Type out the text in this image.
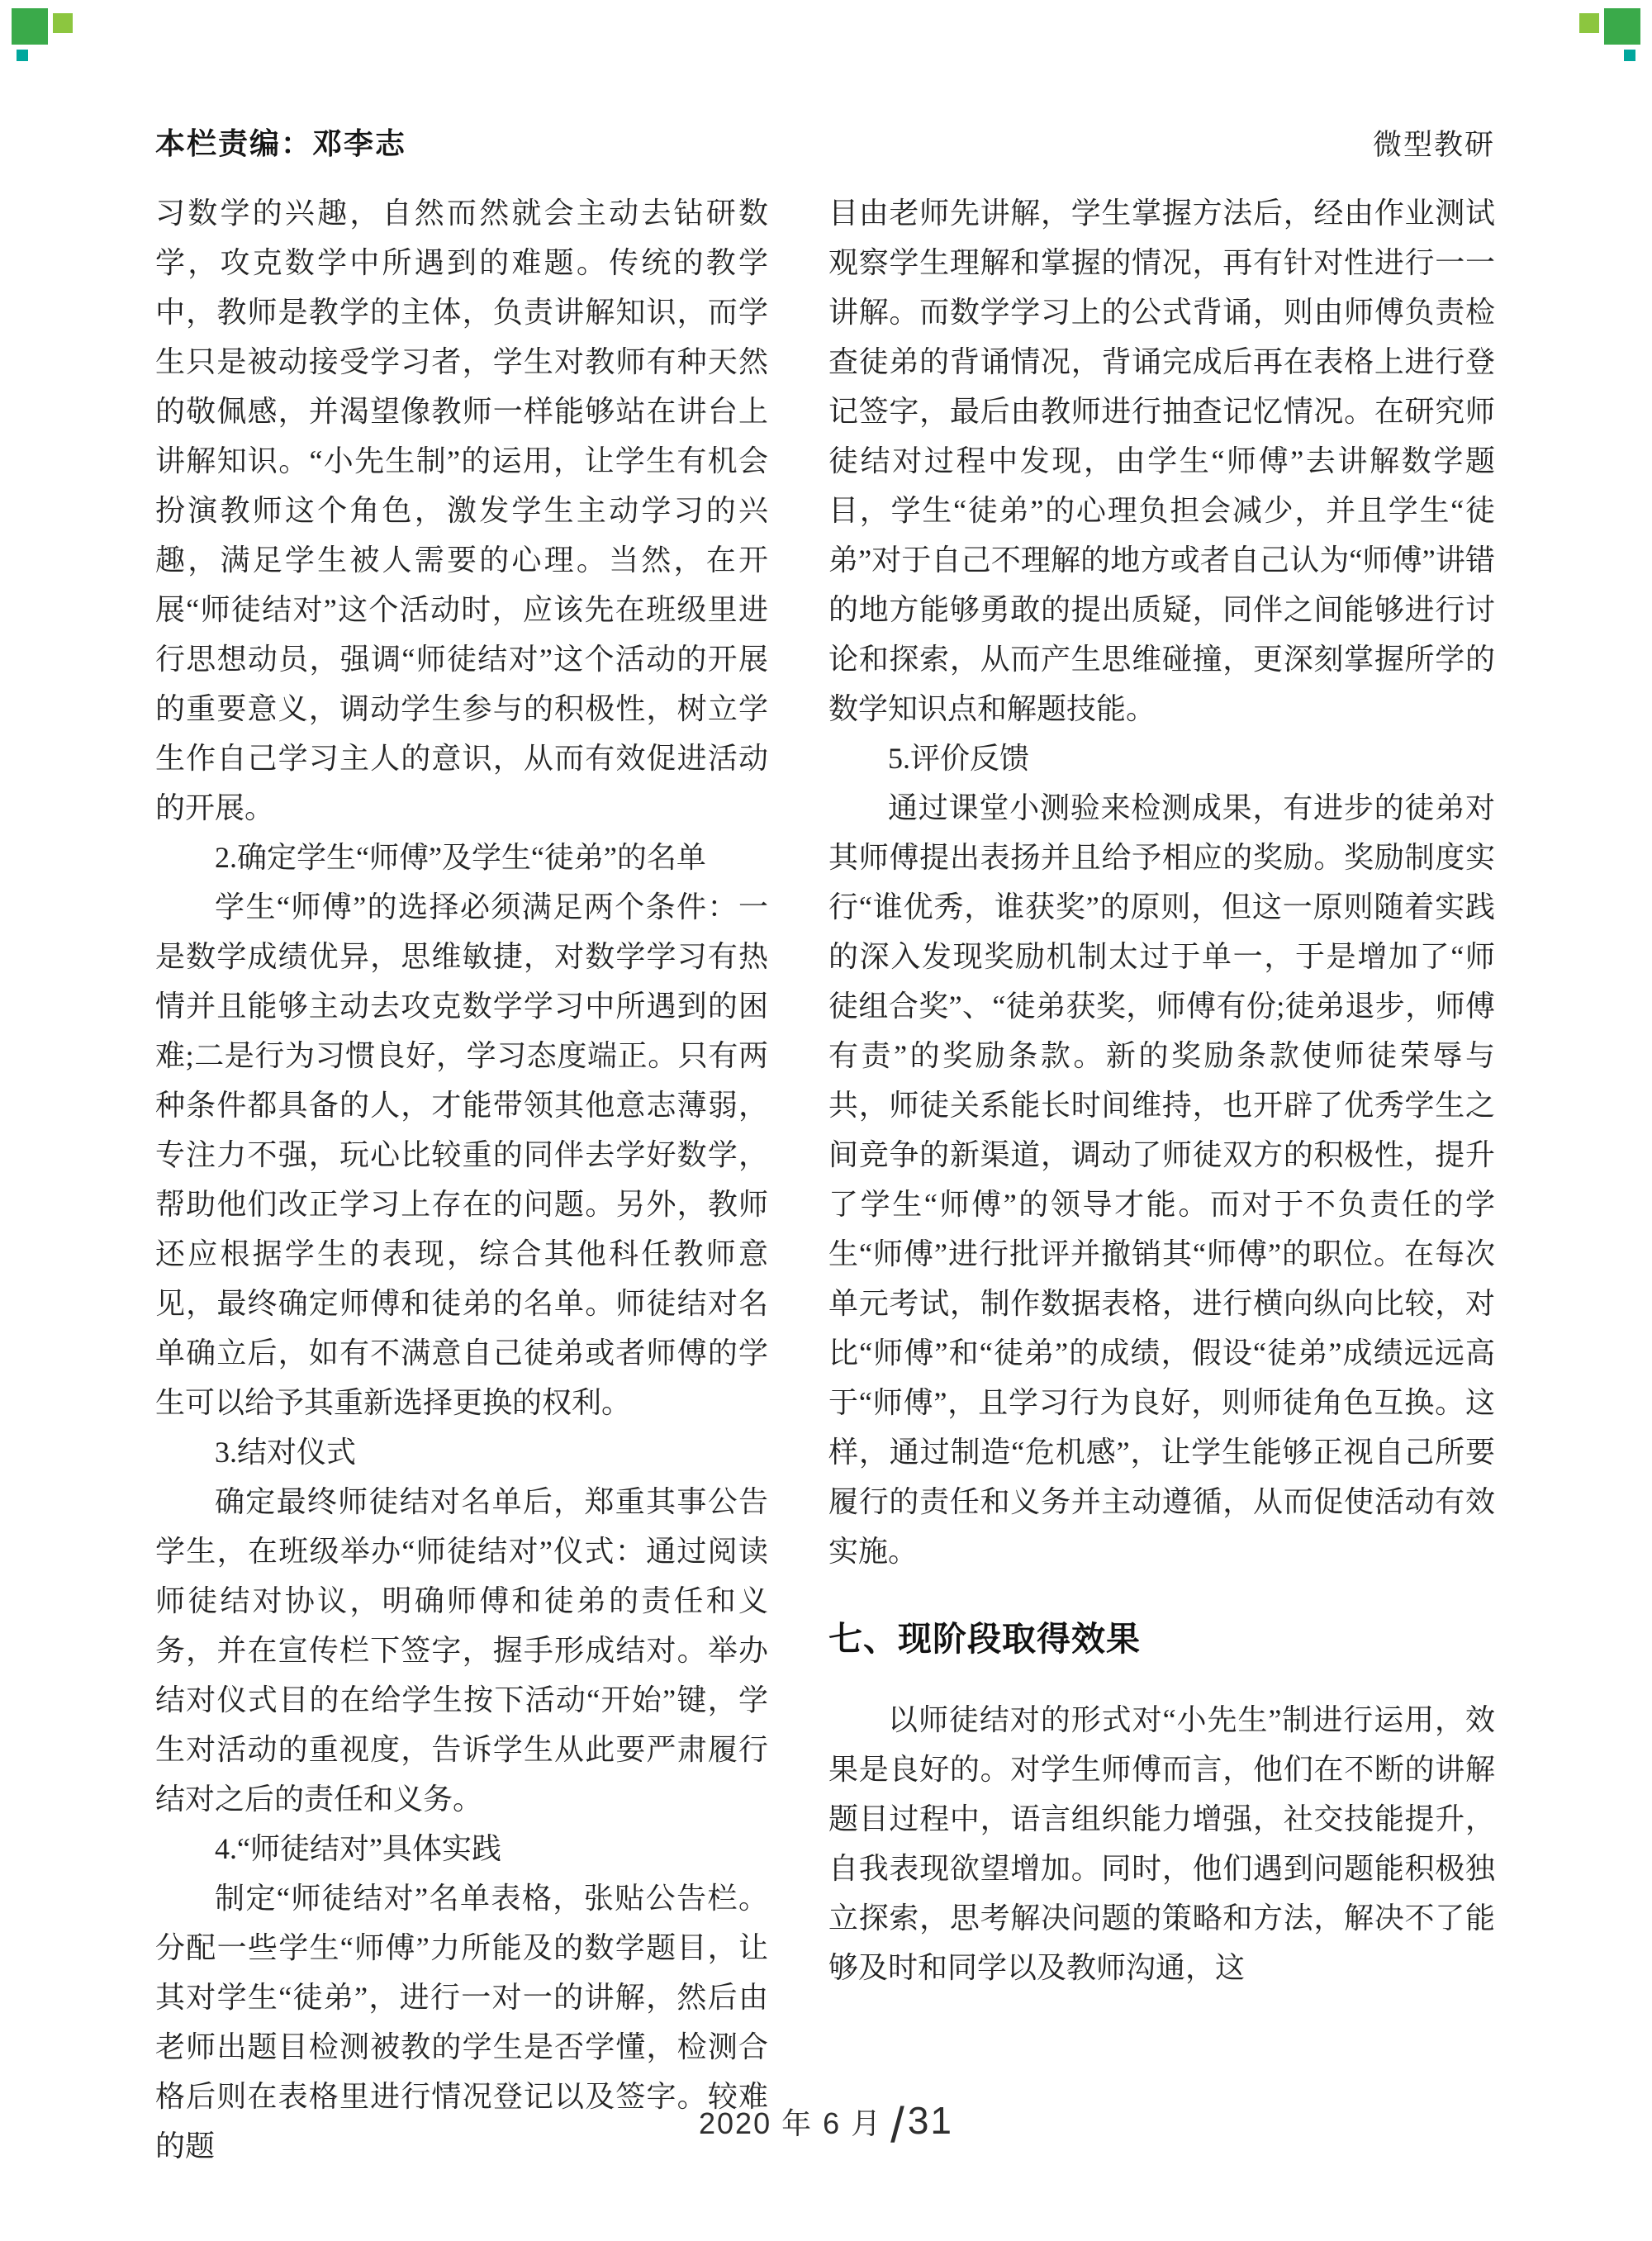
本栏责编：邓李志	微型教研

习数学的兴趣，自然而然就会主动去钻研数学，攻克数学中所遇到的难题。传统的教学中，教师是教学的主体，负责讲解知识，而学生只是被动接受学习者，学生对教师有种天然的敬佩感，并渴望像教师一样能够站在讲台上讲解知识。“小先生制”的运用，让学生有机会扮演教师这个角色，激发学生主动学习的兴趣，满足学生被人需要的心理。当然，在开展“师徒结对”这个活动时，应该先在班级里进行思想动员，强调“师徒结对”这个活动的开展的重要意义，调动学生参与的积极性，树立学生作自己学习主人的意识，从而有效促进活动的开展。

2.确定学生“师傅”及学生“徒弟”的名单

学生“师傅”的选择必须满足两个条件：一是数学成绩优异，思维敏捷，对数学学习有热情并且能够主动去攻克数学学习中所遇到的困难;二是行为习惯良好，学习态度端正。只有两种条件都具备的人，才能带领其他意志薄弱，专注力不强，玩心比较重的同伴去学好数学，帮助他们改正学习上存在的问题。另外，教师还应根据学生的表现，综合其他科任教师意见，最终确定师傅和徒弟的名单。师徒结对名单确立后，如有不满意自己徒弟或者师傅的学生可以给予其重新选择更换的权利。

3.结对仪式

确定最终师徒结对名单后，郑重其事公告学生，在班级举办“师徒结对”仪式：通过阅读师徒结对协议，明确师傅和徒弟的责任和义务，并在宣传栏下签字，握手形成结对。举办结对仪式目的在给学生按下活动“开始”键，学生对活动的重视度，告诉学生从此要严肃履行结对之后的责任和义务。

4.“师徒结对”具体实践

制定“师徒结对”名单表格，张贴公告栏。分配一些学生“师傅”力所能及的数学题目，让其对学生“徒弟”，进行一对一的讲解，然后由老师出题目检测被教的学生是否学懂，检测合格后则在表格里进行情况登记以及签字。较难的题

目由老师先讲解，学生掌握方法后，经由作业测试观察学生理解和掌握的情况，再有针对性进行一一讲解。而数学学习上的公式背诵，则由师傅负责检查徒弟的背诵情况，背诵完成后再在表格上进行登记签字，最后由教师进行抽查记忆情况。在研究师徒结对过程中发现，由学生“师傅”去讲解数学题目，学生“徒弟”的心理负担会减少，并且学生“徒弟”对于自己不理解的地方或者自己认为“师傅”讲错的地方能够勇敢的提出质疑，同伴之间能够进行讨论和探索，从而产生思维碰撞，更深刻掌握所学的数学知识点和解题技能。

5.评价反馈

通过课堂小测验来检测成果，有进步的徒弟对其师傅提出表扬并且给予相应的奖励。奖励制度实行“谁优秀，谁获奖”的原则，但这一原则随着实践的深入发现奖励机制太过于单一，于是增加了“师徒组合奖”、“徒弟获奖，师傅有份;徒弟退步，师傅有责”的奖励条款。新的奖励条款使师徒荣辱与共，师徒关系能长时间维持，也开辟了优秀学生之间竞争的新渠道，调动了师徒双方的积极性，提升了学生“师傅”的领导才能。而对于不负责任的学生“师傅”进行批评并撤销其“师傅”的职位。在每次单元考试，制作数据表格，进行横向纵向比较，对比“师傅”和“徒弟”的成绩，假设“徒弟”成绩远远高于“师傅”，且学习行为良好，则师徒角色互换。这样，通过制造“危机感”，让学生能够正视自己所要履行的责任和义务并主动遵循，从而促使活动有效实施。

七、现阶段取得效果

以师徒结对的形式对“小先生”制进行运用，效果是良好的。对学生师傅而言，他们在不断的讲解题目过程中，语言组织能力增强，社交技能提升，自我表现欲望增加。同时，他们遇到问题能积极独立探索，思考解决问题的策略和方法，解决不了能够及时和同学以及教师沟通，这

2020 年 6 月 /31
